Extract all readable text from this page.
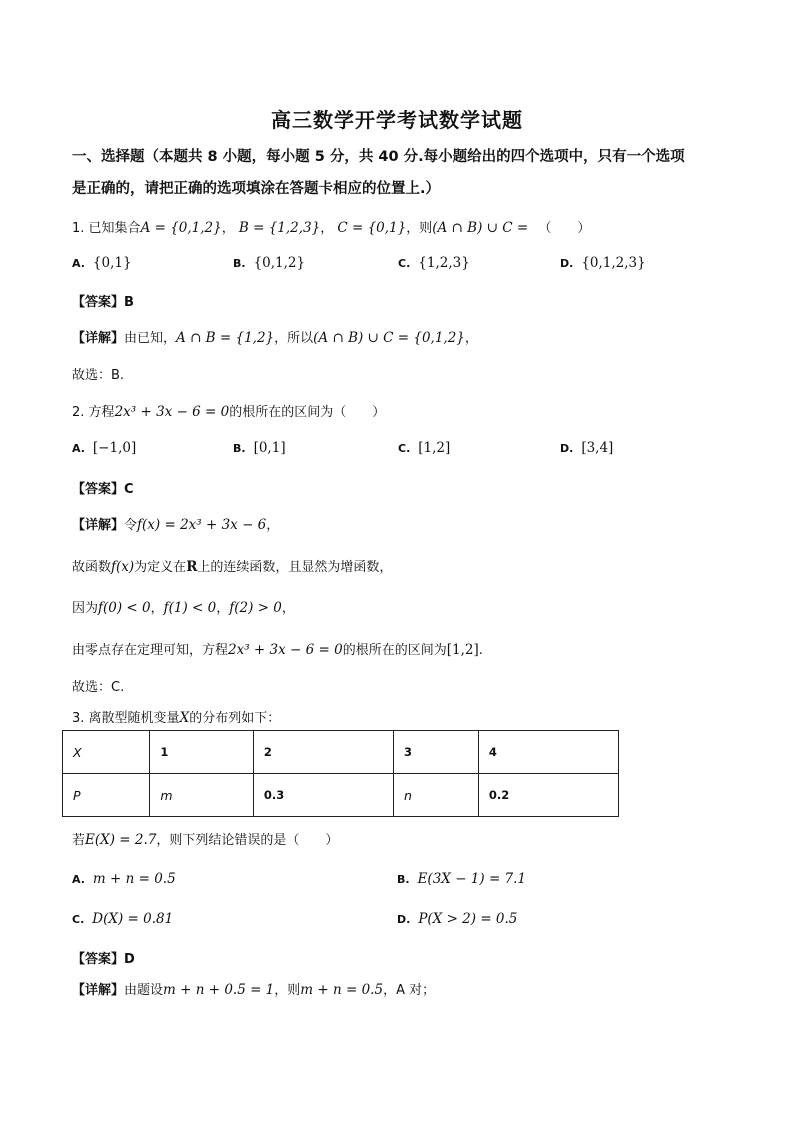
高三数学开学考试数学试题
一、选择题（本题共 8 小题，每小题 5 分，共 40 分.每小题给出的四个选项中，只有一个选项
是正确的，请把正确的选项填涂在答题卡相应的位置上.）
1. 已知集合A = {0,1,2}， B = {1,2,3}， C = {0,1}，则(A ∩ B) ∪ C = （　　）
A. {0,1}	B. {0,1,2}	C. {1,2,3}	D. {0,1,2,3}
【答案】B
【详解】由已知，A ∩ B = {1,2}，所以(A ∩ B) ∪ C = {0,1,2}，
故选：B.
2. 方程2x³ + 3x − 6 = 0的根所在的区间为（　　）
A. [−1,0]	B. [0,1]	C. [1,2]	D. [3,4]
【答案】C
【详解】令f(x) = 2x³ + 3x − 6，
故函数f(x)为定义在R上的连续函数，且显然为增函数，
因为f(0) < 0，f(1) < 0，f(2) > 0，
由零点存在定理可知，方程2x³ + 3x − 6 = 0的根所在的区间为[1,2].
故选：C.
3. 离散型随机变量X的分布列如下：
X	1	2	3	4
P	m	0.3	n	0.2
若E(X) = 2.7，则下列结论错误的是（　　）
A. m + n = 0.5	B. E(3X − 1) = 7.1
C. D(X) = 0.81	D. P(X > 2) = 0.5
【答案】D
【详解】由题设m + n + 0.5 = 1，则m + n = 0.5，A 对；
